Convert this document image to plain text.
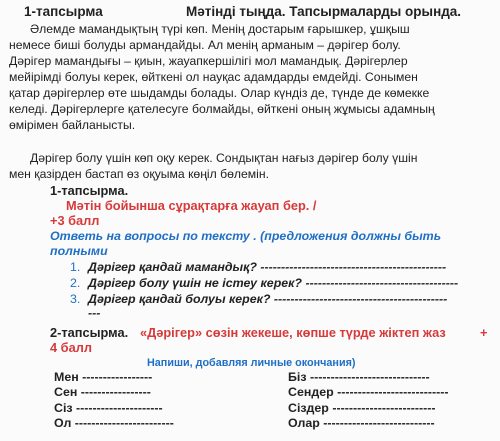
1-тапсырма	Мәтінді тыңда. Тапсырмаларды орында.
Әлемде мамандықтың түрі көп. Менің достарым ғарышкер, ұшқыш
немесе биші болуды армандайды. Ал менің арманым – дәрігер болу.
Дәрігер мамандығы – қиын, жауапкершілігі мол мамандық. Дәрігерлер
мейірімді болуы керек, өйткені ол науқас адамдарды емдейді. Сонымен
қатар дәрігерлер өте шыдамды болады. Олар күндіз де, түнде де көмекке
келеді. Дәрігерлерге қателесуге болмайды, өйткені оның жұмысы адамның
өмірімен байланысты.
Дәрігер болу үшін көп оқу керек. Сондықтан нағыз дәрігер болу үшін
мен қазірден бастап өз оқуыма көңіл бөлемін.
1-тапсырма.
Мәтін бойынша сұрақтарға жауап бер. /
+3 балл
Ответь на вопросы по тексту . (предложения должны быть
полными
1. Дәрігер қандай мамандық? ---------------------------------------------
2. Дәрігер болу үшін не істеу керек? -------------------------------------
3. Дәрігер қандай болуы керек? ------------------------------------------
---
2-тапсырма. «Дәрігер» сөзін жекеше, көпше түрде жіктеп жаз	+
4 балл
Напиши, добавляя личные окончания)
Мен -----------------
Сен -----------------
Сіз ---------------------
Ол ------------------------
Біз -----------------------------
Сендер ---------------------------
Сіздер -------------------------
Олар ---------------------------
